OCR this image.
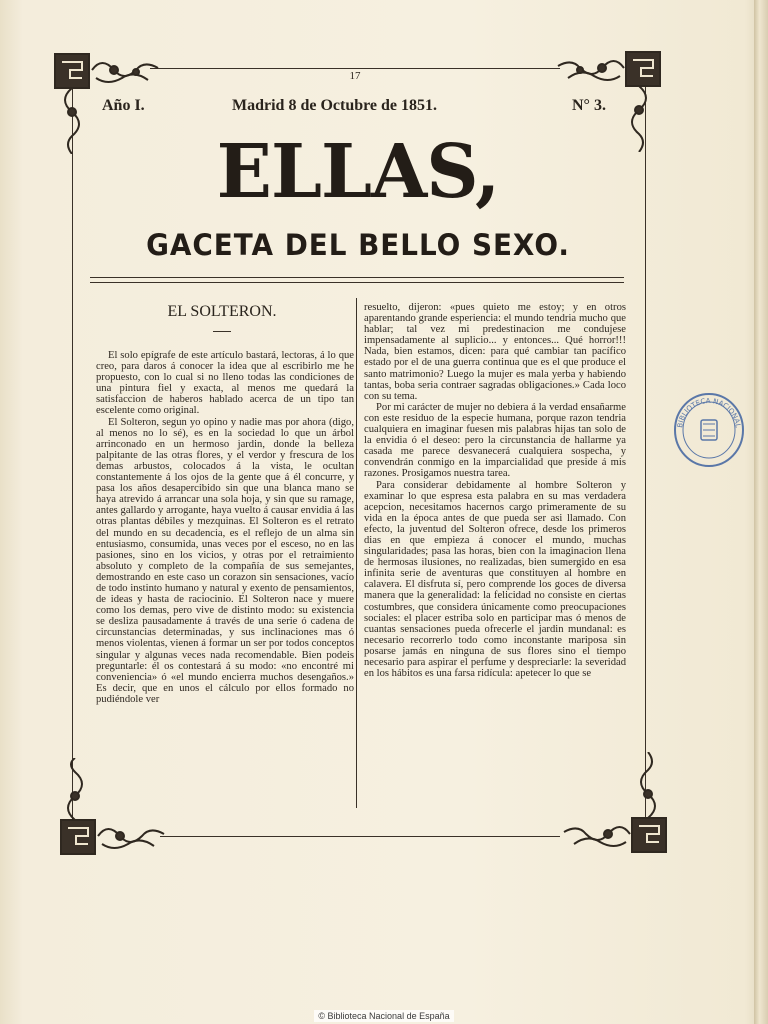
17
Año I.	Madrid 8 de Octubre de 1851.	N° 3.
ELLAS,
GACETA DEL BELLO SEXO.
EL SOLTERON.

El solo epígrafe de este artículo bastará, lectoras, á lo que creo, para daros á conocer la idea que al escribirlo me he propuesto, con lo cual si no lleno todas las condiciones de una pintura fiel y exacta, al menos me quedará la satisfaccion de haberos hablado acerca de un tipo tan escelente como original.

El Solteron, segun yo opino y nadie mas por ahora (digo, al menos no lo sé), es en la sociedad lo que un árbol arrinconado en un hermoso jardin, donde la belleza palpitante de las otras flores, y el verdor y frescura de los demas arbustos, colocados á la vista, le ocultan constantemente á los ojos de la gente que á él concurre, y pasa los años desapercibido sin que una blanca mano se haya atrevido á arrancar una sola hoja, y sin que su ramage, antes gallardo y arrogante, haya vuelto á causar envidia á las otras plantas débiles y mezquinas. El Solteron es el retrato del mundo en su decadencia, es el reflejo de un alma sin entusiasmo, consumida, unas veces por el esceso, no en las pasiones, sino en los vicios, y otras por el retraimiento absoluto y completo de la compañía de sus semejantes, demostrando en este caso un corazon sin sensaciones, vacío de todo instinto humano y natural y exento de pensamientos, de ideas y hasta de raciocinio. El Solteron nace y muere como los demas, pero vive de distinto modo: su existencia se desliza pausadamente á través de una serie ó cadena de circunstancias determinadas, y sus inclinaciones mas ó menos violentas, vienen á formar un ser por todos conceptos singular y algunas veces nada recomendable. Bien podeis preguntarle: él os contestará á su modo: «no encontré mi conveniencia» ó «el mundo encierra muchos desengaños.» Es decir, que en unos el cálculo por ellos formado no pudiéndole ver

resuelto, dijeron: «pues quieto me estoy; y en otros aparentando grande esperiencia: el mundo tendria mucho que hablar; tal vez mi predestinacion me condujese impensadamente al suplicio... y entonces... Qué horror!!! Nada, bien estamos, dicen: para qué cambiar tan pacífico estado por el de una guerra continua que es el que produce el santo matrimonio? Luego la mujer es mala yerba y habiendo tantas, boba seria contraer sagradas obligaciones.» Cada loco con su tema.

Por mi carácter de mujer no debiera á la verdad ensañarme con este residuo de la especie humana, porque razon tendria cualquiera en imaginar fuesen mis palabras hijas tan solo de la envidia ó el deseo: pero la circunstancia de hallarme ya casada me parece desvanecerá cualquiera sospecha, y convendrán conmigo en la imparcialidad que preside á mis razones. Prosigamos nuestra tarea.

Para considerar debidamente al hombre Solteron y examinar lo que espresa esta palabra en su mas verdadera acepcion, necesitamos hacernos cargo primeramente de su vida en la época antes de que pueda ser asi llamado. Con efecto, la juventud del Solteron ofrece, desde los primeros dias en que empieza á conocer el mundo, muchas singularidades; pasa las horas, bien con la imaginacion llena de hermosas ilusiones, no realizadas, bien sumergido en esa infinita serie de aventuras que constituyen al hombre en calavera. El disfruta sí, pero comprende los goces de diversa manera que la generalidad: la felicidad no consiste en ciertas costumbres, que considera únicamente como preocupaciones sociales: el placer estriba solo en participar mas ó menos de cuantas sensaciones pueda ofrecerle el jardin mundanal: es necesario recorrerlo todo como inconstante mariposa sin posarse jamás en ninguna de sus flores sino el tiempo necesario para aspirar el perfume y despreciarle: la severidad en los hábitos es una farsa ridícula: apetecer lo que se

BIBLIOTECA NACIONAL
© Biblioteca Nacional de España
